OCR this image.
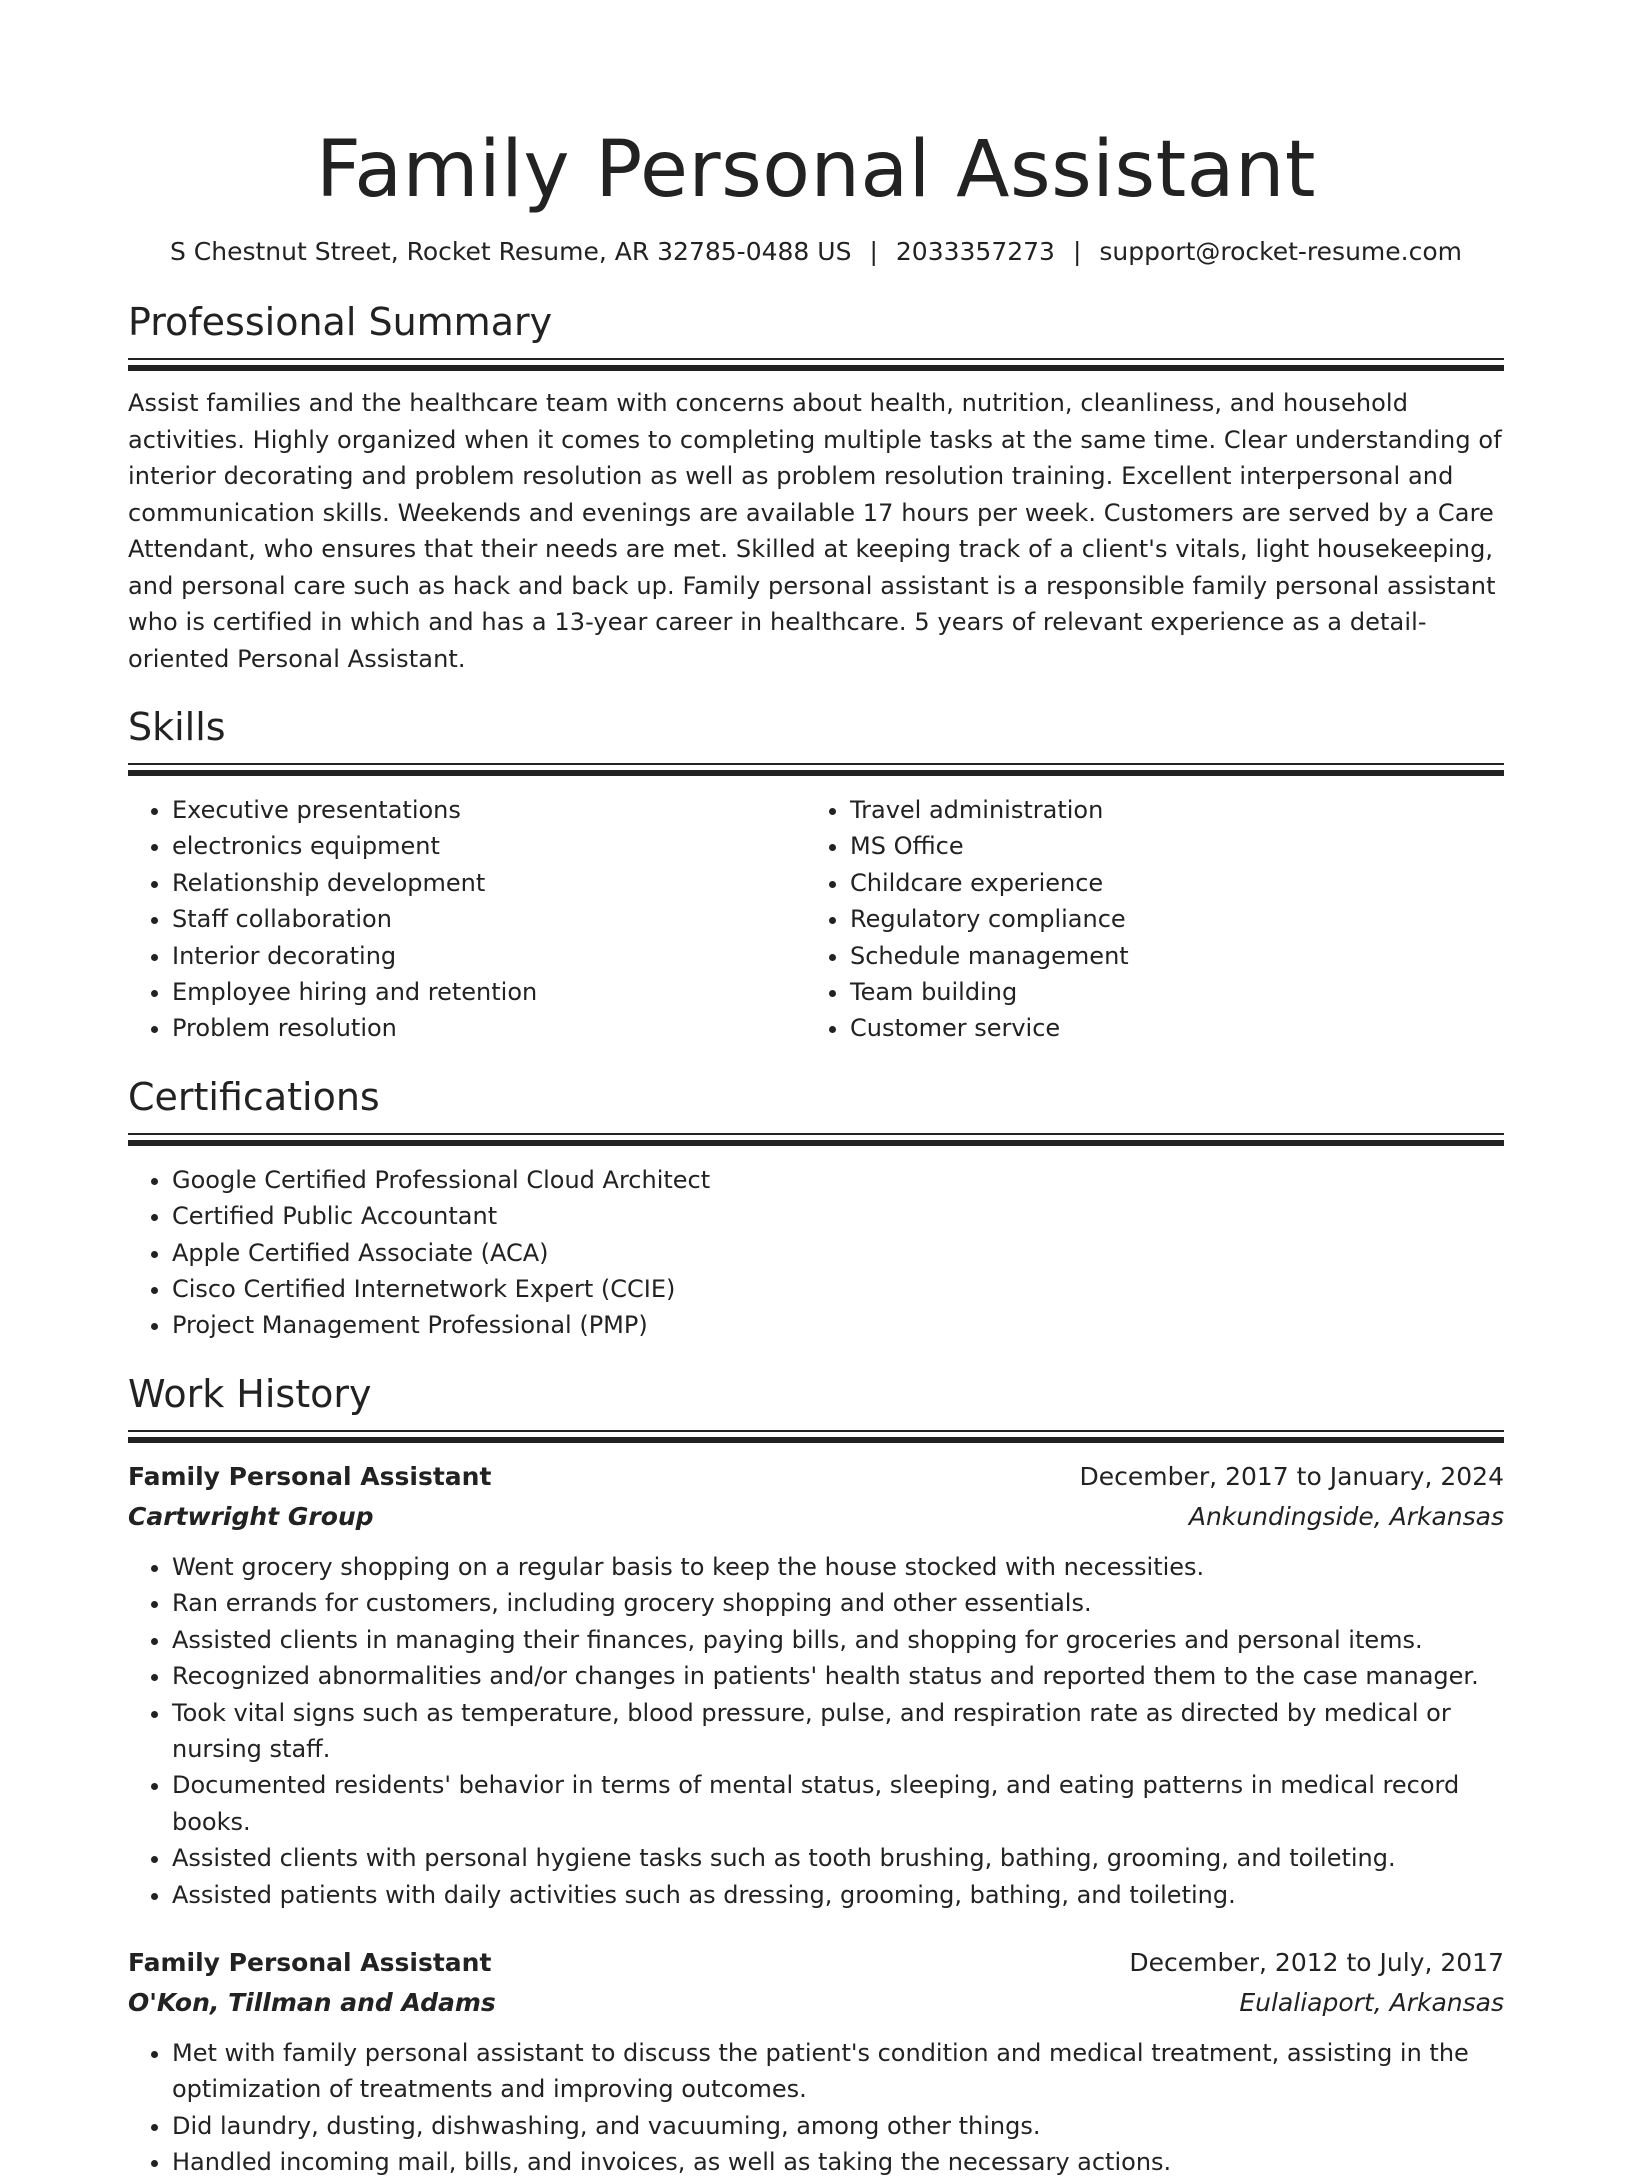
Family Personal Assistant
S Chestnut Street, Rocket Resume, AR 32785-0488 US | 2033357273 | support@rocket-resume.com
Professional Summary

Assist families and the healthcare team with concerns about health, nutrition, cleanliness, and household activities. Highly organized when it comes to completing multiple tasks at the same time. Clear understanding of interior decorating and problem resolution as well as problem resolution training. Excellent interpersonal and communication skills. Weekends and evenings are available 17 hours per week. Customers are served by a Care Attendant, who ensures that their needs are met. Skilled at keeping track of a client's vitals, light housekeeping, and personal care such as hack and back up. Family personal assistant is a responsible family personal assistant who is certified in which and has a 13-year career in healthcare. 5 years of relevant experience as a detail-oriented Personal Assistant.

Skills
• Executive presentations
• electronics equipment
• Relationship development
• Staff collaboration
• Interior decorating
• Employee hiring and retention
• Problem resolution
• Travel administration
• MS Office
• Childcare experience
• Regulatory compliance
• Schedule management
• Team building
• Customer service
Certifications
• Google Certified Professional Cloud Architect
• Certified Public Accountant
• Apple Certified Associate (ACA)
• Cisco Certified Internetwork Expert (CCIE)
• Project Management Professional (PMP)
Work History
Family Personal Assistant	December, 2017 to January, 2024
Cartwright Group	Ankundingside, Arkansas
• Went grocery shopping on a regular basis to keep the house stocked with necessities.
• Ran errands for customers, including grocery shopping and other essentials.
• Assisted clients in managing their finances, paying bills, and shopping for groceries and personal items.
• Recognized abnormalities and/or changes in patients' health status and reported them to the case manager.
• Took vital signs such as temperature, blood pressure, pulse, and respiration rate as directed by medical or nursing staff.
• Documented residents' behavior in terms of mental status, sleeping, and eating patterns in medical record books.
• Assisted clients with personal hygiene tasks such as tooth brushing, bathing, grooming, and toileting.
• Assisted patients with daily activities such as dressing, grooming, bathing, and toileting.
Family Personal Assistant	December, 2012 to July, 2017
O'Kon, Tillman and Adams	Eulaliaport, Arkansas
• Met with family personal assistant to discuss the patient's condition and medical treatment, assisting in the optimization of treatments and improving outcomes.
• Did laundry, dusting, dishwashing, and vacuuming, among other things.
• Handled incoming mail, bills, and invoices, as well as taking the necessary actions.
